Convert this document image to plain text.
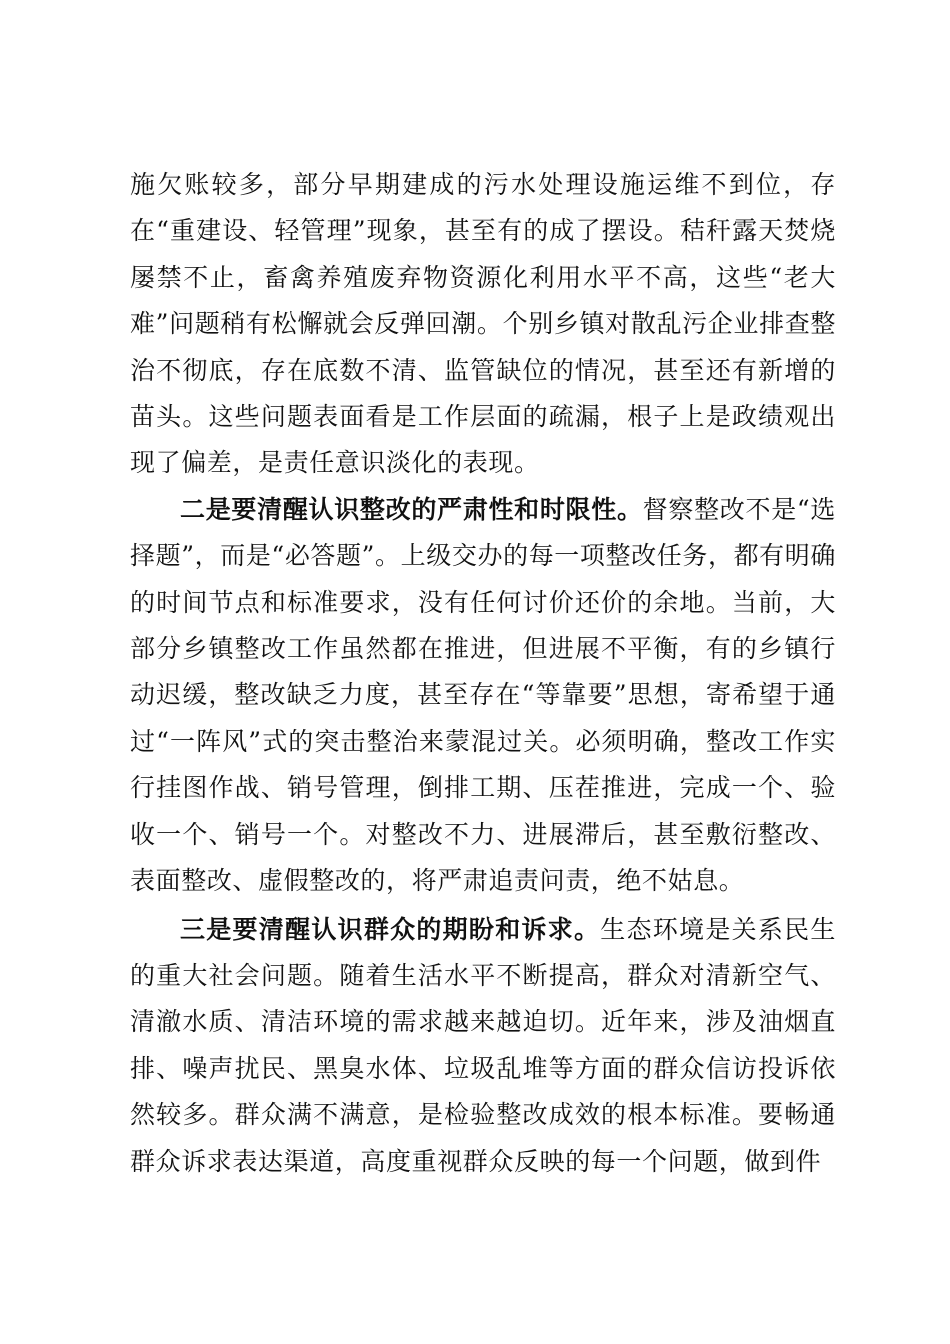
施欠账较多，部分早期建成的污水处理设施运维不到位，存在“重建设、轻管理”现象，甚至有的成了摆设。秸秆露天焚烧屡禁不止，畜禽养殖废弃物资源化利用水平不高，这些“老大难”问题稍有松懈就会反弹回潮。个别乡镇对散乱污企业排查整治不彻底，存在底数不清、监管缺位的情况，甚至还有新增的苗头。这些问题表面看是工作层面的疏漏，根子上是政绩观出现了偏差，是责任意识淡化的表现。

二是要清醒认识整改的严肃性和时限性。督察整改不是“选择题”，而是“必答题”。上级交办的每一项整改任务，都有明确的时间节点和标准要求，没有任何讨价还价的余地。当前，大部分乡镇整改工作虽然都在推进，但进展不平衡，有的乡镇行动迟缓，整改缺乏力度，甚至存在“等靠要”思想，寄希望于通过“一阵风”式的突击整治来蒙混过关。必须明确，整改工作实行挂图作战、销号管理，倒排工期、压茬推进，完成一个、验收一个、销号一个。对整改不力、进展滞后，甚至敷衍整改、表面整改、虚假整改的，将严肃追责问责，绝不姑息。

三是要清醒认识群众的期盼和诉求。生态环境是关系民生的重大社会问题。随着生活水平不断提高，群众对清新空气、清澈水质、清洁环境的需求越来越迫切。近年来，涉及油烟直排、噪声扰民、黑臭水体、垃圾乱堆等方面的群众信访投诉依然较多。群众满不满意，是检验整改成效的根本标准。要畅通群众诉求表达渠道，高度重视群众反映的每一个问题，做到件
